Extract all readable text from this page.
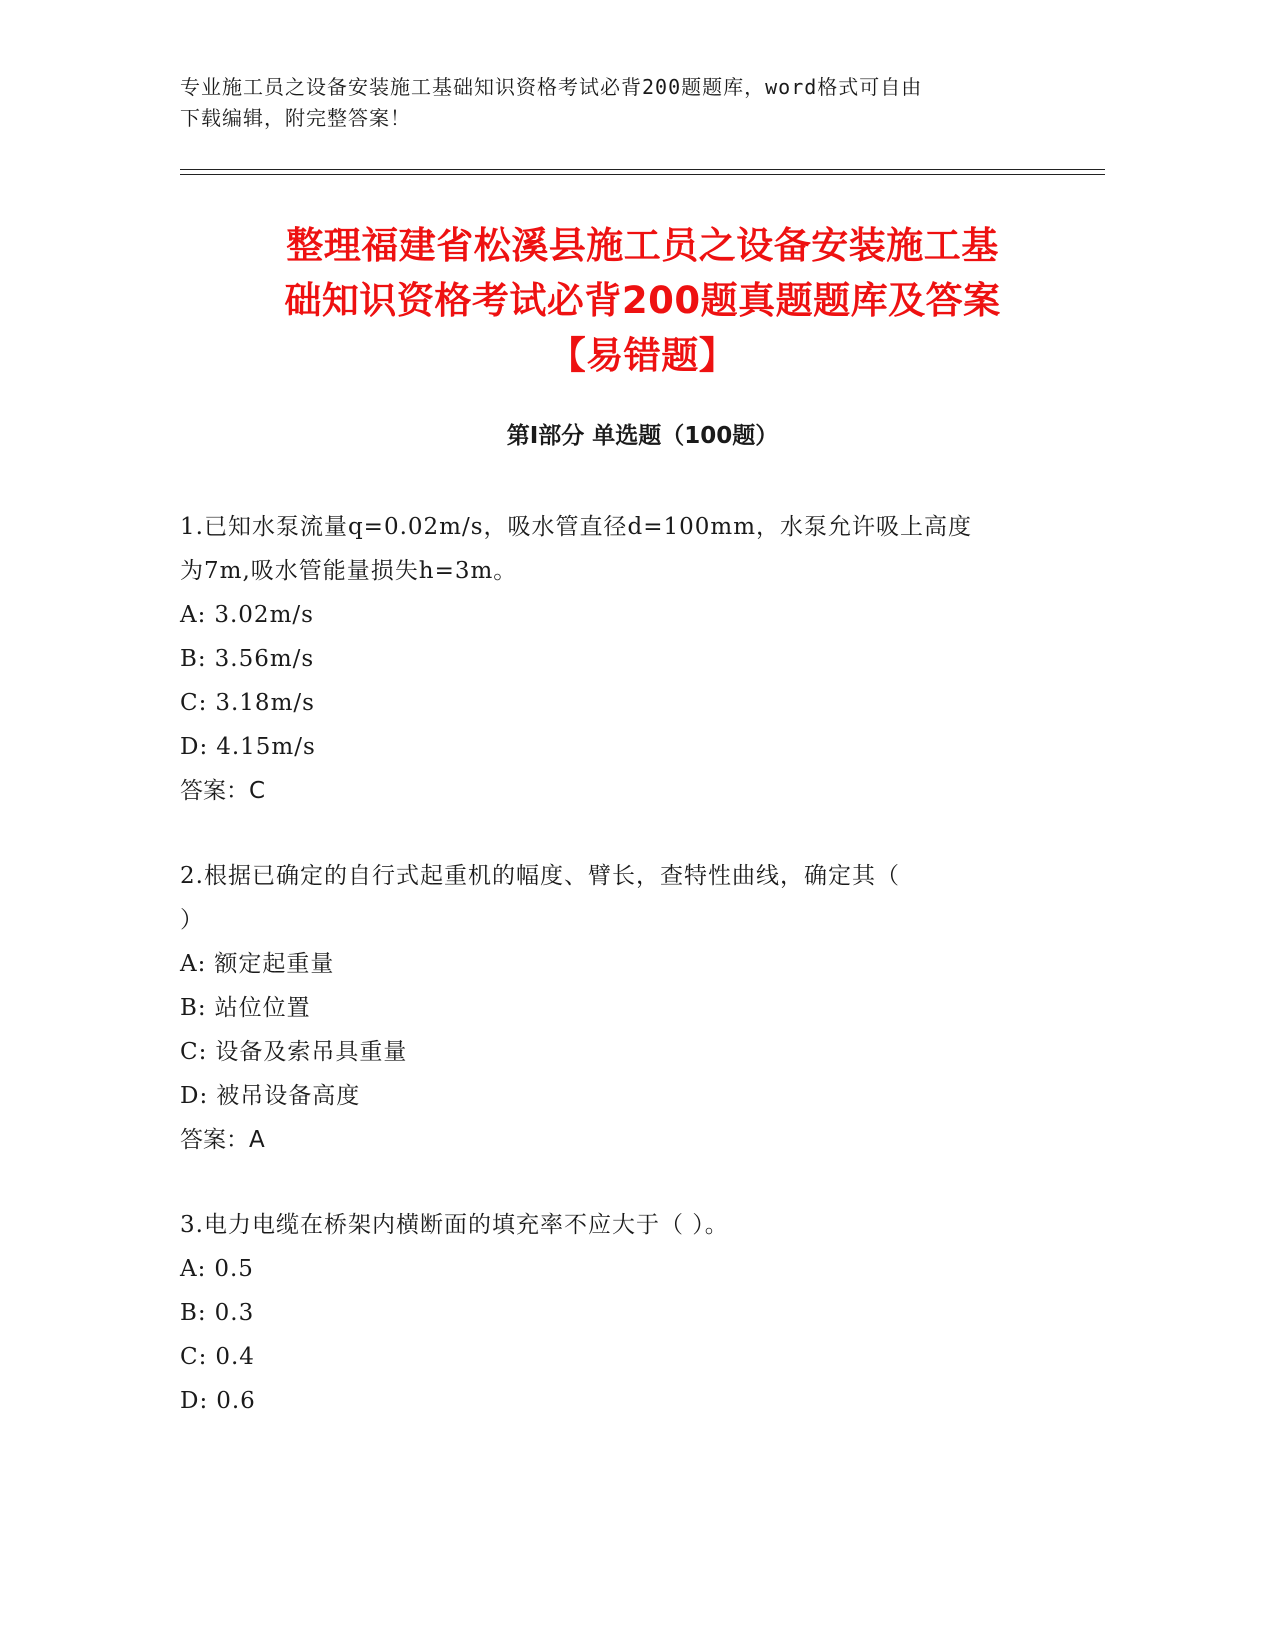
专业施工员之设备安装施工基础知识资格考试必背200题题库，word格式可自由
下载编辑，附完整答案！
整理福建省松溪县施工员之设备安装施工基
础知识资格考试必背200题真题题库及答案
【易错题】
第Ⅰ部分 单选题（100题）

1.已知水泵流量q=0.02m/s，吸水管直径d=100mm，水泵允许吸上高度
为7m,吸水管能量损失h=3m。

A: 3.02m/s
B: 3.56m/s
C: 3.18m/s
D: 4.15m/s

答案：C

2.根据已确定的自行式起重机的幅度、臂长，查特性曲线，确定其（
）

A: 额定起重量
B: 站位位置
C: 设备及索吊具重量
D: 被吊设备高度

答案：A

3.电力电缆在桥架内横断面的填充率不应大于（ ）。

A: 0.5
B: 0.3
C: 0.4
D: 0.6
